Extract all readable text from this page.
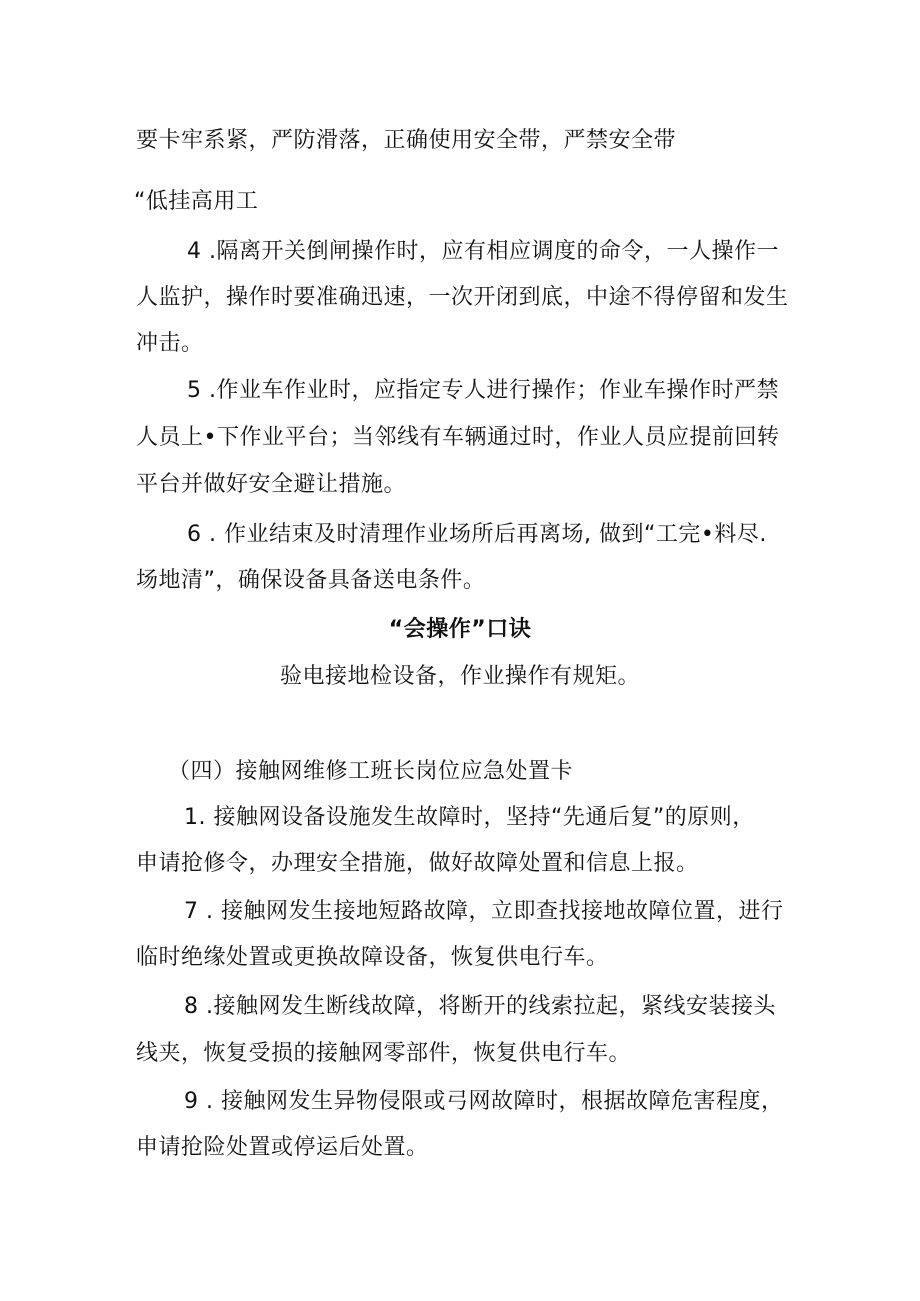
要卡牢系紧，严防滑落，正确使用安全带，严禁安全带
“低挂高用工
4 .隔离开关倒闸操作时，应有相应调度的命令，一人操作一
人监护，操作时要准确迅速，一次开闭到底，中途不得停留和发生
冲击。
5 .作业车作业时，应指定专人进行操作；作业车操作时严禁
人员上•下作业平台；当邻线有车辆通过时，作业人员应提前回转
平台并做好安全避让措施。
6 . 作业结束及时清理作业场所后再离场, 做到“工完•料尽.
场地清”，确保设备具备送电条件。
“会操作”口诀
验电接地检设备，作业操作有规矩。
（四）接触网维修工班长岗位应急处置卡
1. 接触网设备设施发生故障时，坚持“先通后复”的原则，
申请抢修令，办理安全措施，做好故障处置和信息上报。
7 . 接触网发生接地短路故障，立即查找接地故障位置，进行
临时绝缘处置或更换故障设备，恢复供电行车。
8 .接触网发生断线故障，将断开的线索拉起，紧线安装接头
线夹，恢复受损的接触网零部件，恢复供电行车。
9 . 接触网发生异物侵限或弓网故障时，根据故障危害程度，
申请抢险处置或停运后处置。
